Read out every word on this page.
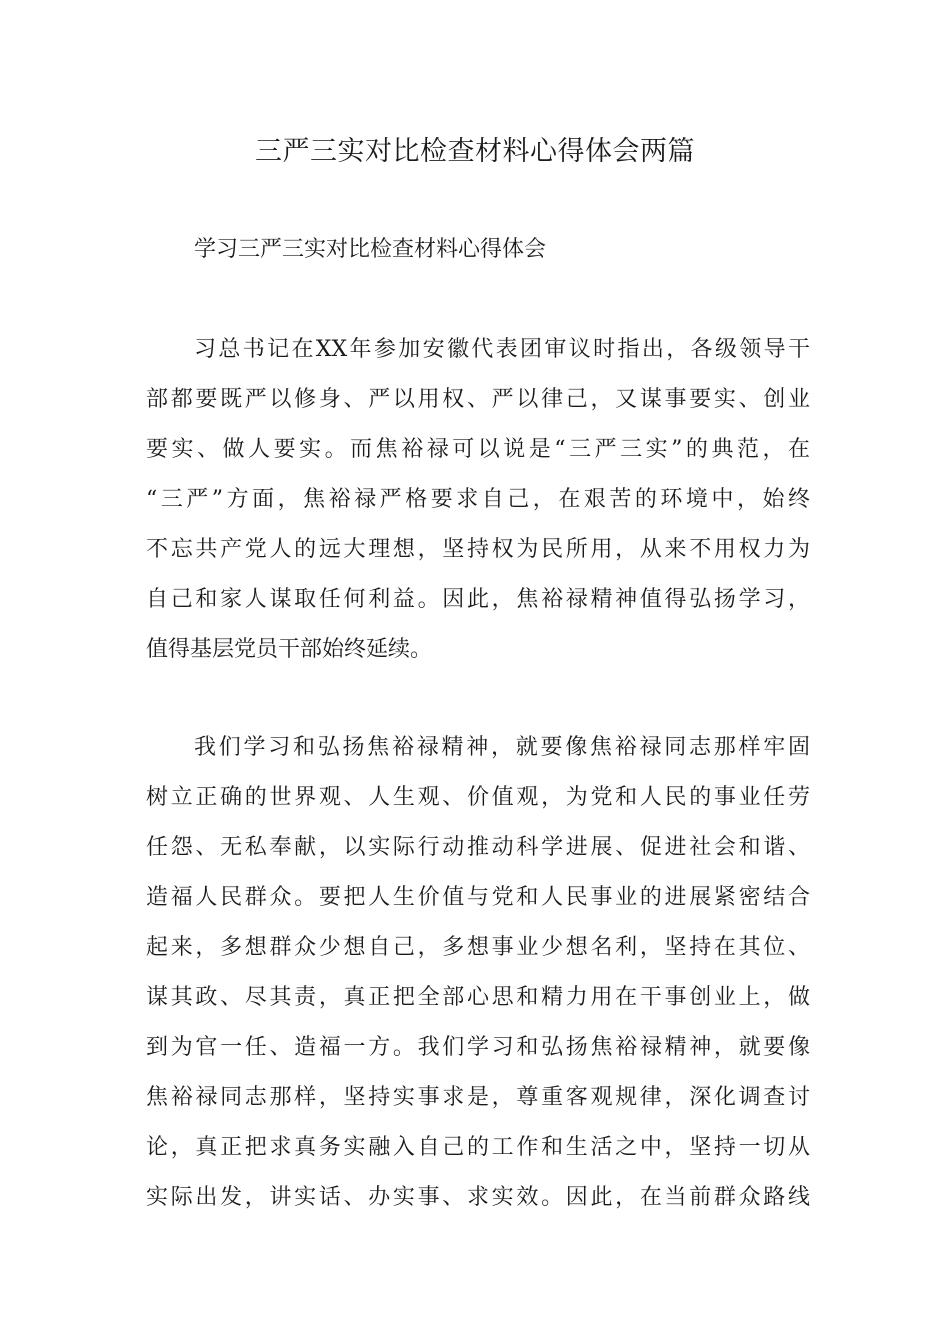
三严三实对比检查材料心得体会两篇
学习三严三实对比检查材料心得体会

习总书记在XX年参加安徽代表团审议时指出，各级领导干
部都要既严以修身、严以用权、严以律己，又谋事要实、创业
要实、做人要实。而焦裕禄可以说是“三严三实”的典范，在
“三严”方面，焦裕禄严格要求自己，在艰苦的环境中，始终
不忘共产党人的远大理想，坚持权为民所用，从来不用权力为
自己和家人谋取任何利益。因此，焦裕禄精神值得弘扬学习，
值得基层党员干部始终延续。

我们学习和弘扬焦裕禄精神，就要像焦裕禄同志那样牢固
树立正确的世界观、人生观、价值观，为党和人民的事业任劳
任怨、无私奉献，以实际行动推动科学进展、促进社会和谐、
造福人民群众。要把人生价值与党和人民事业的进展紧密结合
起来，多想群众少想自己，多想事业少想名利，坚持在其位、
谋其政、尽其责，真正把全部心思和精力用在干事创业上，做
到为官一任、造福一方。我们学习和弘扬焦裕禄精神，就要像
焦裕禄同志那样，坚持实事求是，尊重客观规律，深化调查讨
论，真正把求真务实融入自己的工作和生活之中，坚持一切从
实际出发，讲实话、办实事、求实效。因此，在当前群众路线
